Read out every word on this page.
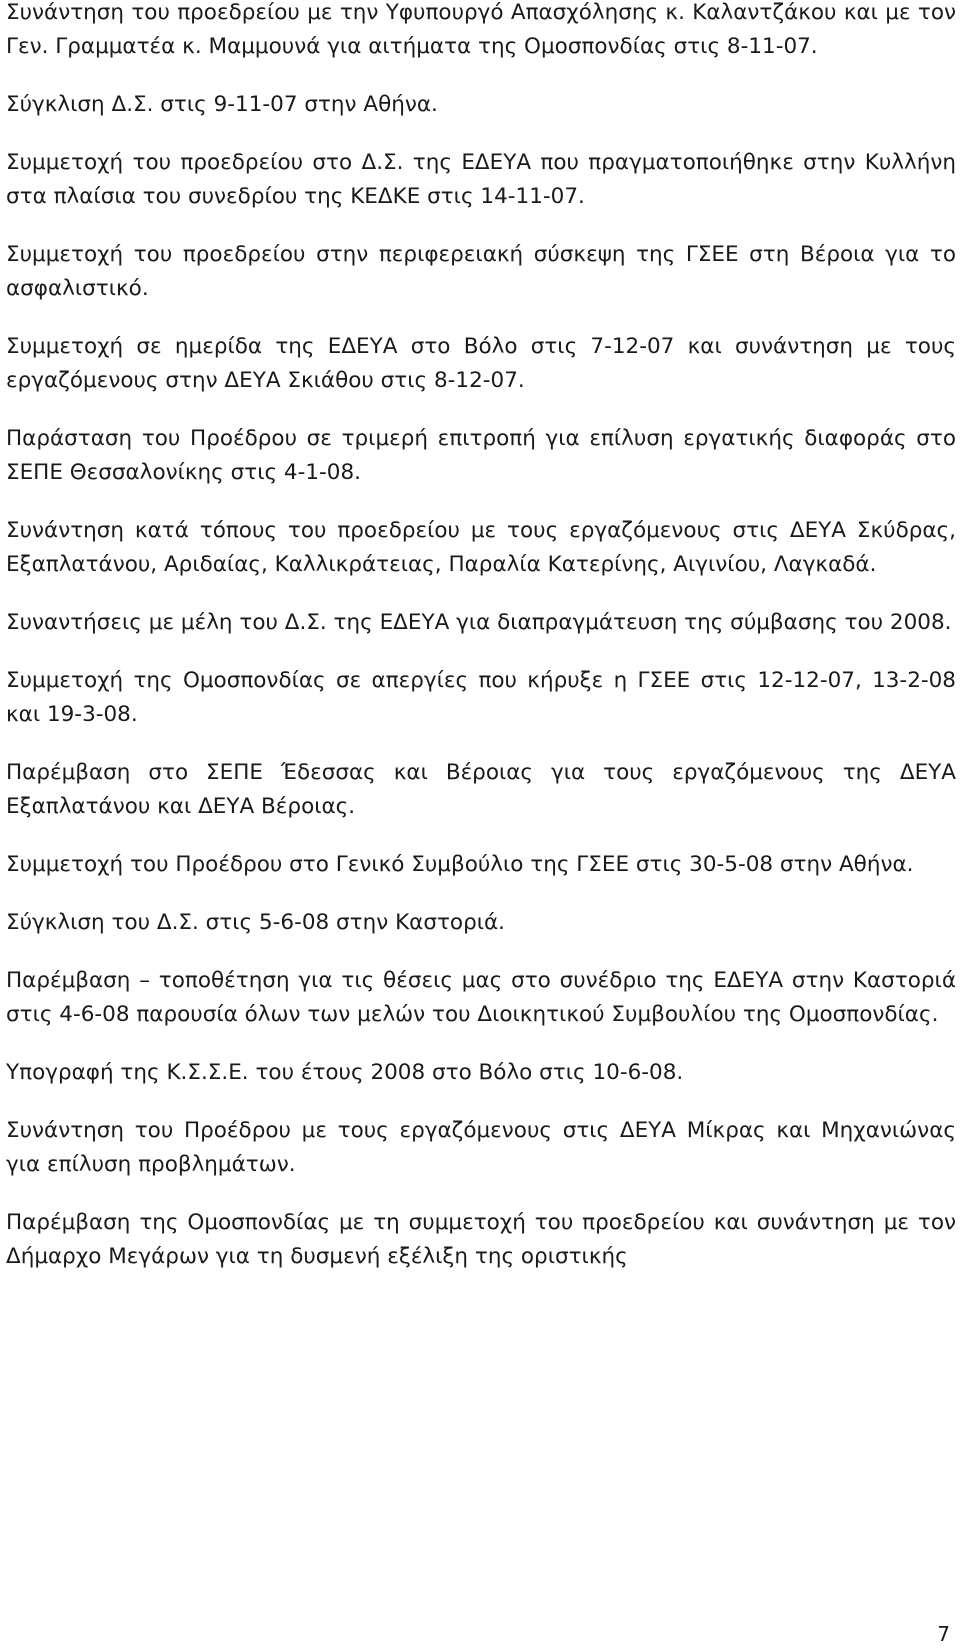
Συνάντηση του προεδρείου με την Υφυπουργό Απασχόλησης κ. Καλαντζάκου και με τον Γεν. Γραμματέα κ. Μαμμουνά για αιτήματα της Ομοσπονδίας στις 8-11-07.

Σύγκλιση Δ.Σ. στις 9-11-07 στην Αθήνα.

Συμμετοχή του προεδρείου στο Δ.Σ. της ΕΔΕΥΑ που πραγματοποιήθηκε στην Κυλλήνη στα πλαίσια του συνεδρίου της ΚΕΔΚΕ στις 14-11-07.

Συμμετοχή του προεδρείου στην περιφερειακή σύσκεψη της ΓΣΕΕ στη Βέροια για το ασφαλιστικό.

Συμμετοχή σε ημερίδα της ΕΔΕΥΑ στο Βόλο στις 7-12-07 και συνάντηση με τους εργαζόμενους στην ΔΕΥΑ Σκιάθου στις 8-12-07.

Παράσταση του Προέδρου σε τριμερή επιτροπή για επίλυση εργατικής διαφοράς στο ΣΕΠΕ Θεσσαλονίκης στις 4-1-08.

Συνάντηση κατά τόπους του προεδρείου με τους εργαζόμενους στις ΔΕΥΑ Σκύδρας, Εξαπλατάνου, Αριδαίας, Καλλικράτειας, Παραλία Κατερίνης, Αιγινίου, Λαγκαδά.

Συναντήσεις με μέλη του Δ.Σ. της ΕΔΕΥΑ για διαπραγμάτευση της σύμβασης του 2008.

Συμμετοχή της Ομοσπονδίας σε απεργίες που κήρυξε η ΓΣΕΕ στις 12-12-07, 13-2-08 και 19-3-08.

Παρέμβαση στο ΣΕΠΕ Έδεσσας και Βέροιας για τους εργαζόμενους της ΔΕΥΑ Εξαπλατάνου και ΔΕΥΑ Βέροιας.

Συμμετοχή του Προέδρου στο Γενικό Συμβούλιο της ΓΣΕΕ στις 30-5-08 στην Αθήνα.

Σύγκλιση του Δ.Σ. στις 5-6-08 στην Καστοριά.

Παρέμβαση – τοποθέτηση για τις θέσεις μας στο συνέδριο της ΕΔΕΥΑ στην Καστοριά στις 4-6-08 παρουσία όλων των μελών του Διοικητικού Συμβουλίου της Ομοσπονδίας.

Υπογραφή της Κ.Σ.Σ.Ε. του έτους 2008 στο Βόλο στις 10-6-08.

Συνάντηση του Προέδρου με τους εργαζόμενους στις ΔΕΥΑ Μίκρας και Μηχανιώνας για επίλυση προβλημάτων.

Παρέμβαση της Ομοσπονδίας με τη συμμετοχή του προεδρείου και συνάντηση με τον Δήμαρχο Μεγάρων για τη δυσμενή εξέλιξη της οριστικής

7
